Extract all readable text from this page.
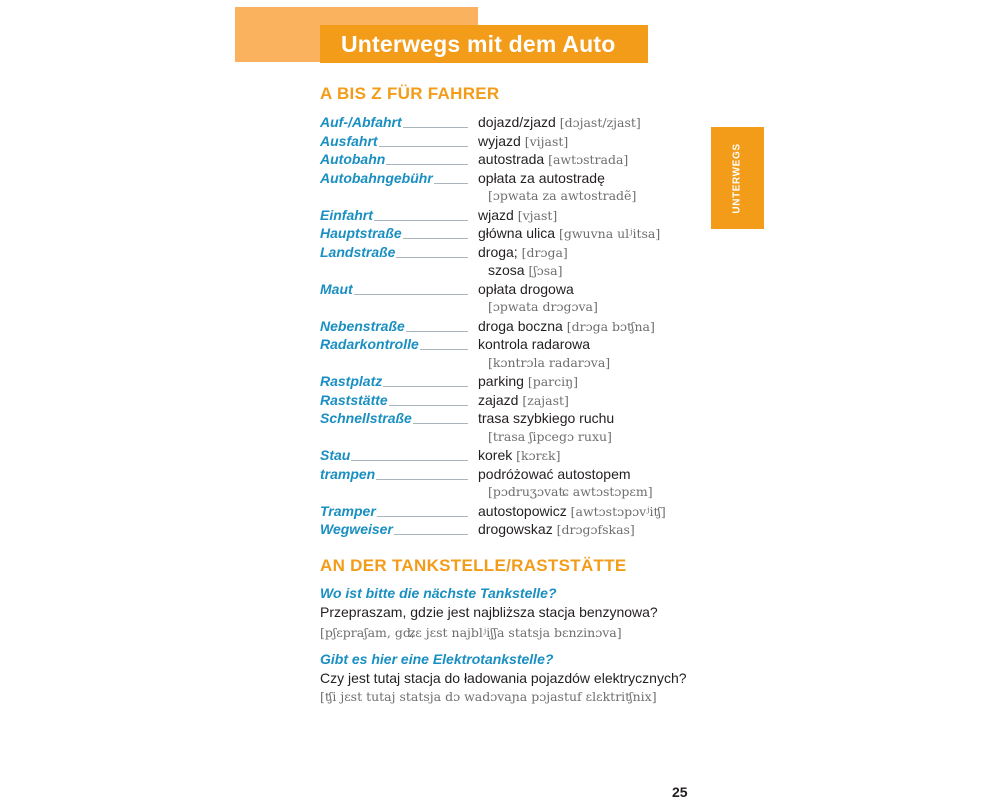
Unterwegs mit dem Auto
UNTERWEGS
A BIS Z FÜR FAHRER
Auf-/Abfahrt	dojazd/zjazd [dɔjast/zjast]
Ausfahrt	wyjazd [vijast]
Autobahn	autostrada [awtɔstrada]
Autobahngebühr	opłata za autostradę
[ɔpwata za awtostradẽ]
Einfahrt	wjazd [vjast]
Hauptstraße	główna ulica [gwuvna ulʲitsa]
Landstraße	droga; [drɔga]
szosa [ʃɔsa]
Maut	opłata drogowa
[ɔpwata drɔgɔva]
Nebenstraße	droga boczna [drɔga bɔʧna]
Radarkontrolle	kontrola radarowa
[kɔntrɔla radarɔva]
Rastplatz	parking [parciŋ]
Raststätte	zajazd [zajast]
Schnellstraße	trasa szybkiego ruchu
[trasa ʃipcegɔ ruxu]
Stau	korek [kɔrɛk]
trampen	podróżować autostopem
[pɔdruʒɔvaʨ awtɔstɔpɛm]
Tramper	autostopowicz [awtɔstɔpɔvʲiʧ]
Wegweiser	drogowskaz [drɔgɔfskas]
AN DER TANKSTELLE/RASTSTÄTTE
Wo ist bitte die nächste Tankstelle?
Przepraszam, gdzie jest najbliższa stacja benzynowa?
[pʃɛpraʃam, gʥɛ jɛst najblʲiʃʃa statsja bɛnzinɔva]
Gibt es hier eine Elektrotankstelle?
Czy jest tutaj stacja do ładowania pojazdów elektrycznych?
[ʧi jɛst tutaj statsja dɔ wadɔvaɲa pɔjastuf ɛlɛktriʧnix]
25
